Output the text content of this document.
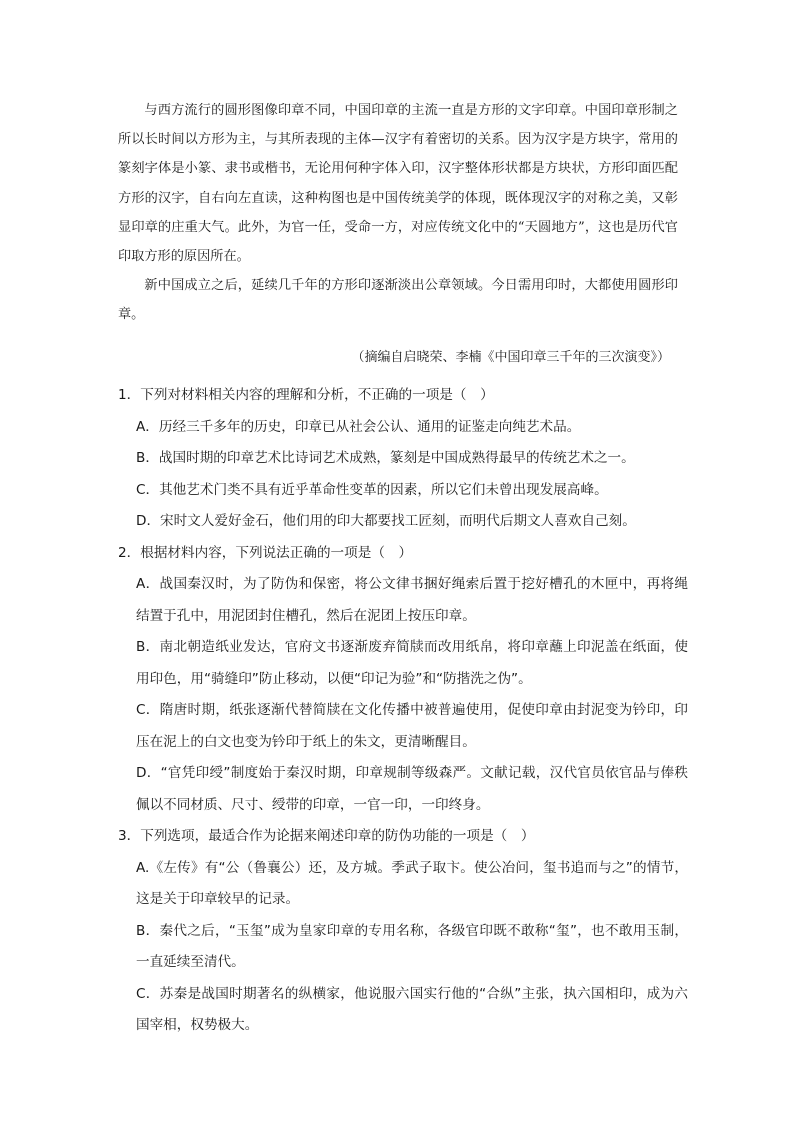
与西方流行的圆形图像印章不同，中国印章的主流一直是方形的文字印章。中国印章形制之所以长时间以方形为主，与其所表现的主体—汉字有着密切的关系。因为汉字是方块字，常用的篆刻字体是小篆、隶书或楷书，无论用何种字体入印，汉字整体形状都是方块状，方形印面匹配方形的汉字，自右向左直读，这种构图也是中国传统美学的体现，既体现汉字的对称之美，又彰显印章的庄重大气。此外，为官一任，受命一方，对应传统文化中的“天圆地方”，这也是历代官印取方形的原因所在。

新中国成立之后，延续几千年的方形印逐渐淡出公章领域。今日需用印时，大都使用圆形印章。

（摘编自启晓荣、李楠《中国印章三千年的三次演变》）

1．下列对材料相关内容的理解和分析，不正确的一项是（　）

A．历经三千多年的历史，印章已从社会公认、通用的证鉴走向纯艺术品。

B．战国时期的印章艺术比诗词艺术成熟，篆刻是中国成熟得最早的传统艺术之一。

C．其他艺术门类不具有近乎革命性变革的因素，所以它们未曾出现发展高峰。

D．宋时文人爱好金石，他们用的印大都要找工匠刻，而明代后期文人喜欢自己刻。

2．根据材料内容，下列说法正确的一项是（　）

A．战国秦汉时，为了防伪和保密，将公文律书捆好绳索后置于挖好槽孔的木匣中，再将绳结置于孔中，用泥团封住槽孔，然后在泥团上按压印章。

B．南北朝造纸业发达，官府文书逐渐废弃简牍而改用纸帛，将印章蘸上印泥盖在纸面，使用印色，用“骑缝印”防止移动，以便“印记为验”和“防揩洗之伪”。

C．隋唐时期，纸张逐渐代替简牍在文化传播中被普遍使用，促使印章由封泥变为钤印，印压在泥上的白文也变为钤印于纸上的朱文，更清晰醒目。

D．“官凭印绶”制度始于秦汉时期，印章规制等级森严。文献记载，汉代官员依官品与俸秩佩以不同材质、尺寸、绶带的印章，一官一印，一印终身。

3．下列选项，最适合作为论据来阐述印章的防伪功能的一项是（　）

A.《左传》有“公（鲁襄公）还，及方城。季武子取卞。使公冶问，玺书追而与之”的情节，这是关于印章较早的记录。

B．秦代之后，“玉玺”成为皇家印章的专用名称，各级官印既不敢称“玺”，也不敢用玉制，一直延续至清代。

C．苏秦是战国时期著名的纵横家，他说服六国实行他的“合纵”主张，执六国相印，成为六国宰相，权势极大。
